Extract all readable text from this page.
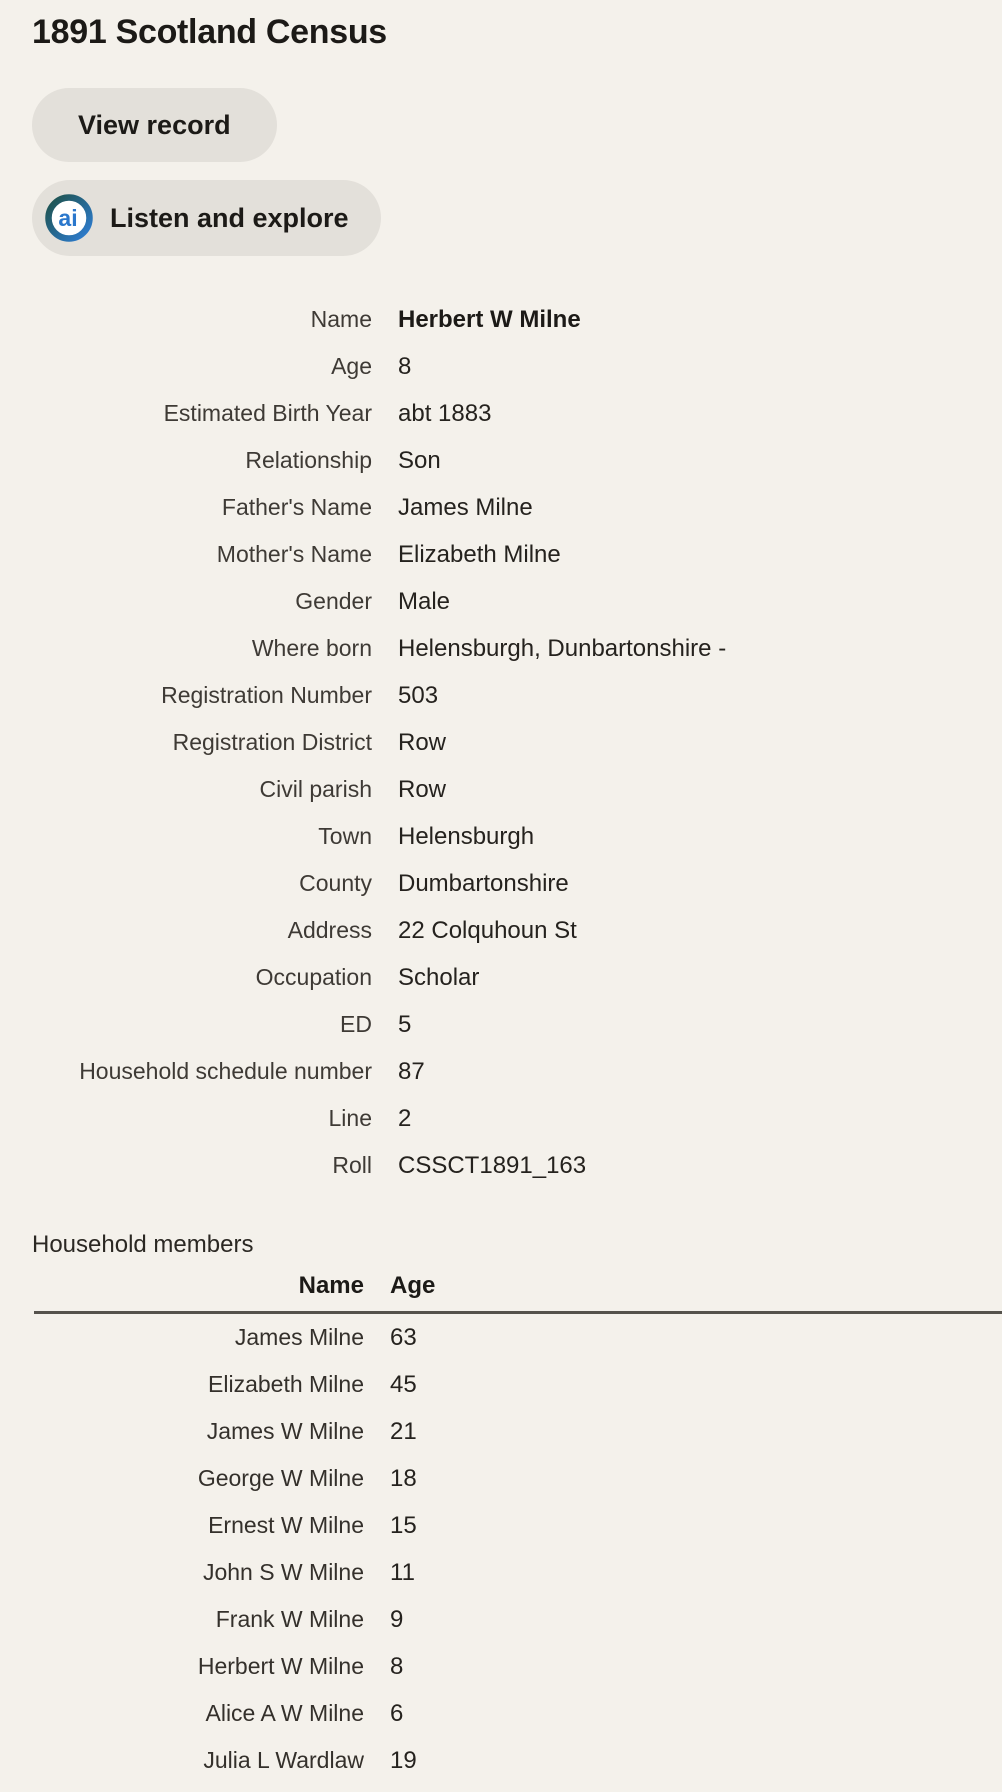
1891 Scotland Census
View record
ai Listen and explore
Name Herbert W Milne
Age 8
Estimated Birth Year abt 1883
Relationship Son
Father's Name James Milne
Mother's Name Elizabeth Milne
Gender Male
Where born Helensburgh, Dunbartonshire -
Registration Number 503
Registration District Row
Civil parish Row
Town Helensburgh
County Dumbartonshire
Address 22 Colquhoun St
Occupation Scholar
ED 5
Household schedule number 87
Line 2
Roll CSSCT1891_163
Household members
Name Age
James Milne 63
Elizabeth Milne 45
James W Milne 21
George W Milne 18
Ernest W Milne 15
John S W Milne 11
Frank W Milne 9
Herbert W Milne 8
Alice A W Milne 6
Julia L Wardlaw 19
